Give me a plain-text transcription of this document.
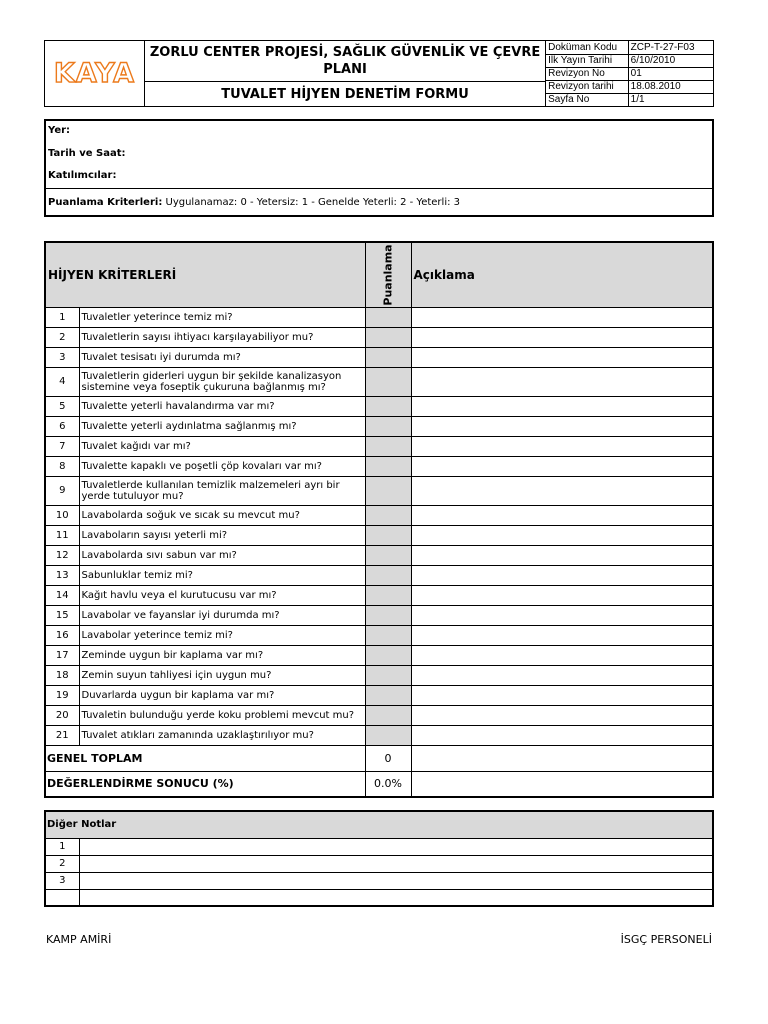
KAYA	ZORLU CENTER PROJESİ, SAĞLIK GÜVENLİK VE ÇEVRE PLANI	
Doküman Kodu	ZCP-T-27-F03
İlk Yayın Tarihi	6/10/2010
Revizyon No	01
Revizyon tarihi	18.08.2010
Sayfa No	1/1

TUVALET HİJYEN DENETİM FORMU
Yer:
Tarih ve Saat:
Katılımcılar:
Puanlama Kriterleri: Uygulanamaz: 0 - Yetersiz: 1 - Genelde Yeterli: 2 - Yeterli: 3
HİJYEN KRİTERLERİ		Puanlama	Açıklama
1	Tuvaletler yeterince temiz mi?		
2	Tuvaletlerin sayısı ihtiyacı karşılayabiliyor mu?		
3	Tuvalet tesisatı iyi durumda mı?		
4	Tuvaletlerin giderleri uygun bir şekilde kanalizasyon sistemine veya foseptik çukuruna bağlanmış mı?		
5	Tuvalette yeterli havalandırma var mı?		
6	Tuvalette yeterli aydınlatma sağlanmış mı?		
7	Tuvalet kağıdı var mı?		
8	Tuvalette kapaklı ve poşetli çöp kovaları var mı?		
9	Tuvaletlerde kullanılan temizlik malzemeleri ayrı bir yerde tutuluyor mu?		
10	Lavabolarda soğuk ve sıcak su mevcut mu?		
11	Lavaboların sayısı yeterli mi?		
12	Lavabolarda sıvı sabun var mı?		
13	Sabunluklar temiz mi?		
14	Kağıt havlu veya el kurutucusu var mı?		
15	Lavabolar ve fayanslar iyi durumda mı?		
16	Lavabolar yeterince temiz mi?		
17	Zeminde uygun bir kaplama var mı?		
18	Zemin suyun tahliyesi için uygun mu?		
19	Duvarlarda uygun bir kaplama var mı?		
20	Tuvaletin bulunduğu yerde koku problemi mevcut mu?		
21	Tuvalet atıkları zamanında uzaklaştırılıyor mu?		
GENEL TOPLAM		0	
DEĞERLENDİRME SONUCU (%)		0.0%	
Diğer Notlar	
1	
2	
3	

KAMP AMİRİ	İSGÇ PERSONELİ
